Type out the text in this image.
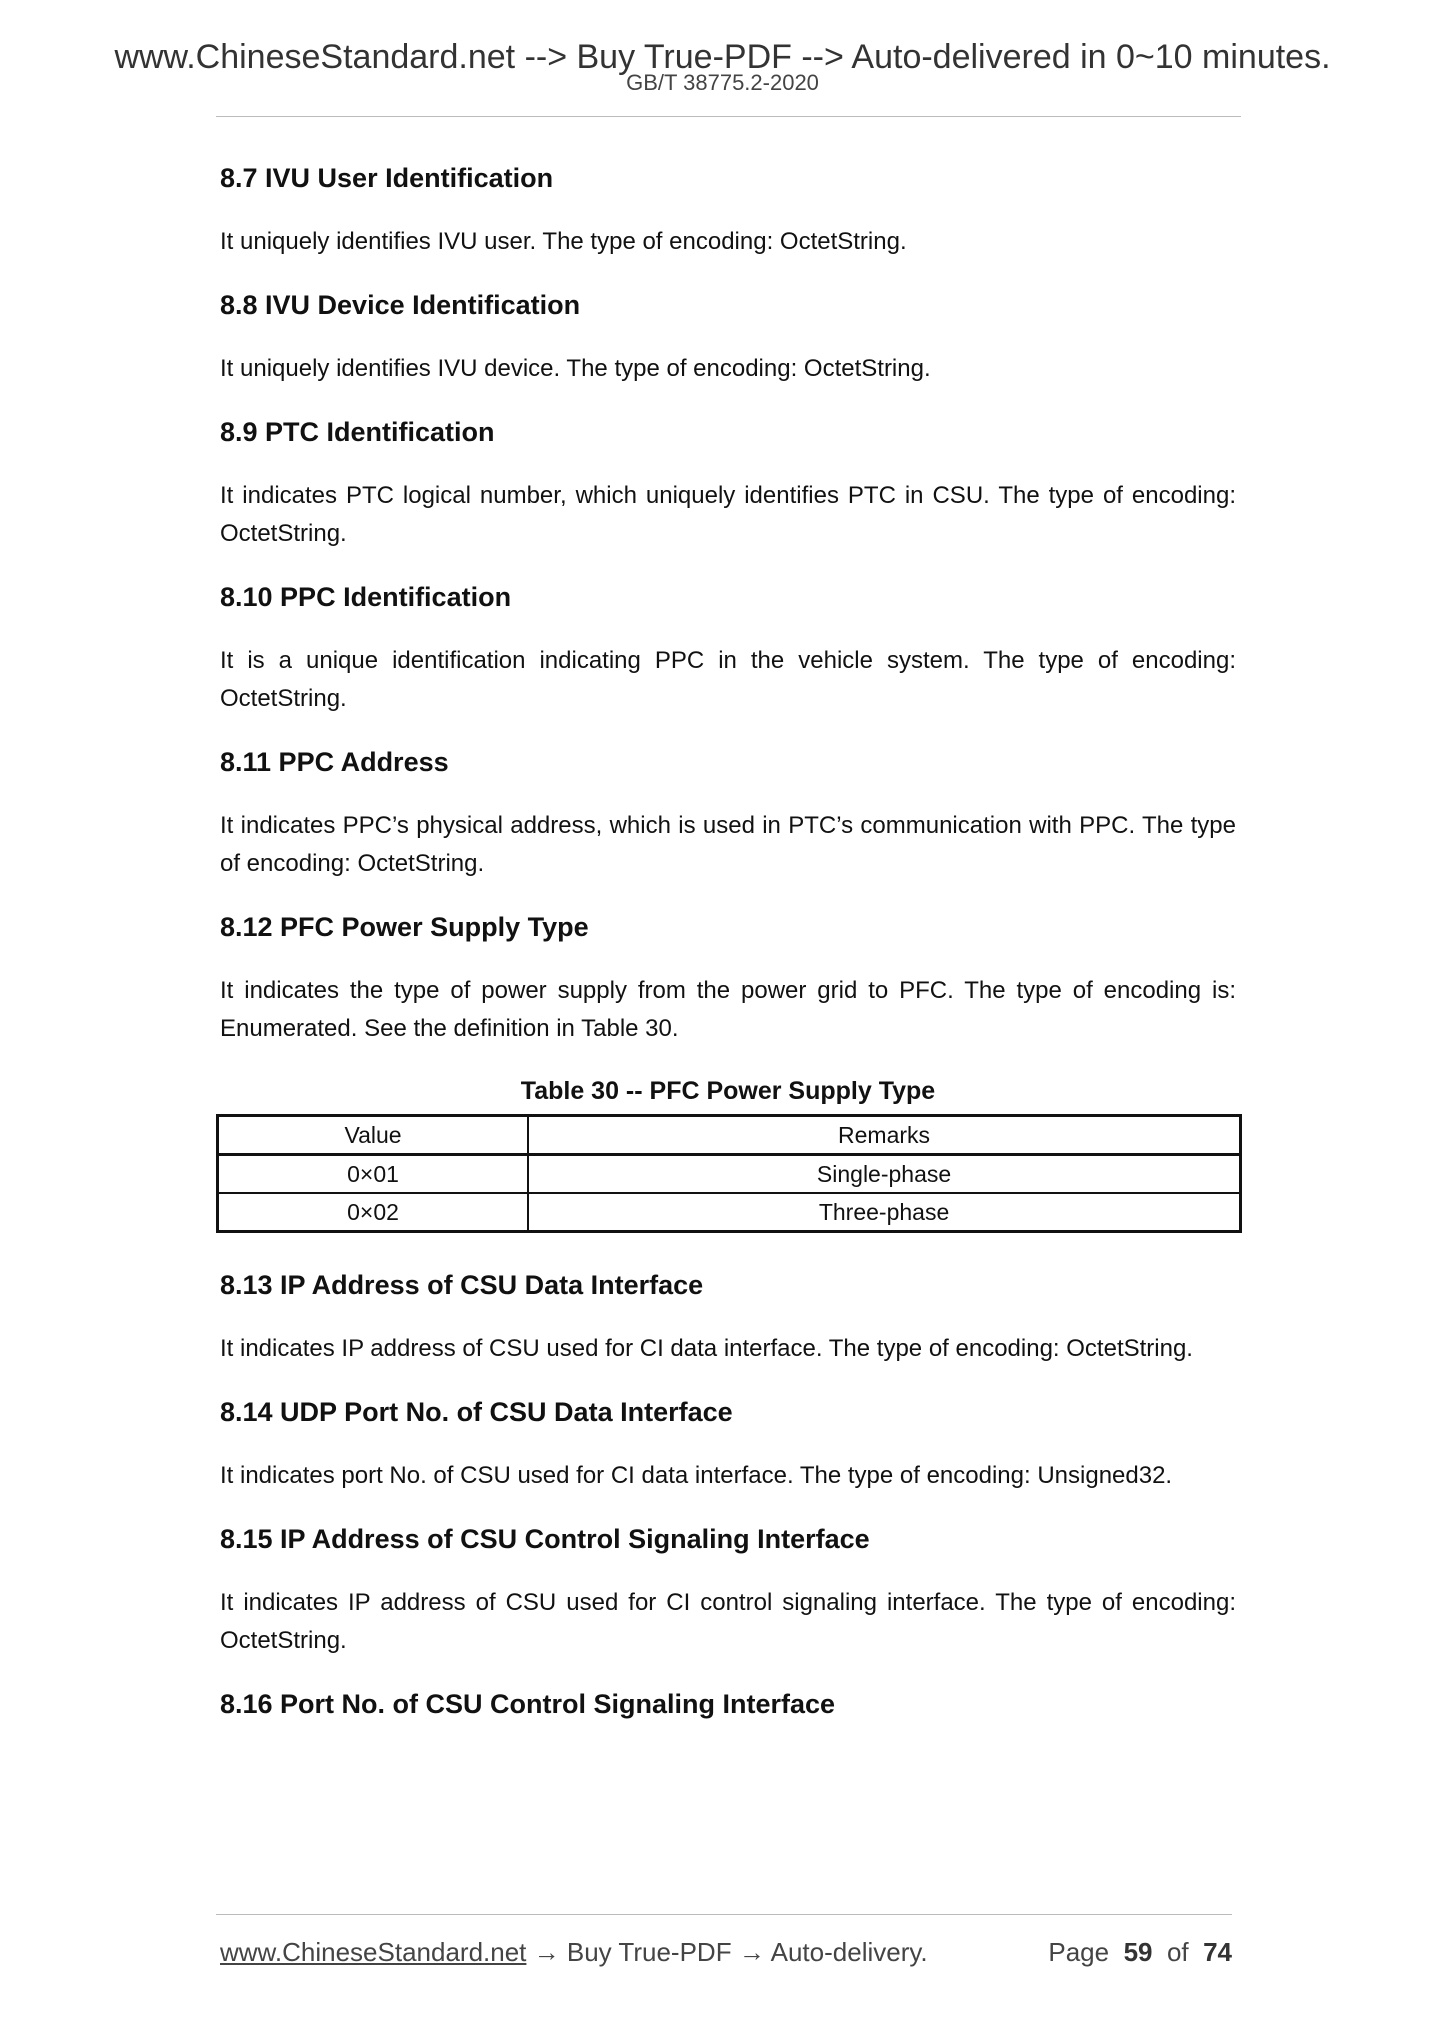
www.ChineseStandard.net --> Buy True-PDF --> Auto-delivered in 0~10 minutes.
GB/T 38775.2-2020
8.7 IVU User Identification
It uniquely identifies IVU user. The type of encoding: OctetString.
8.8 IVU Device Identification
It uniquely identifies IVU device. The type of encoding: OctetString.
8.9 PTC Identification
It indicates PTC logical number, which uniquely identifies PTC in CSU. The type of encoding: OctetString.
8.10 PPC Identification
It is a unique identification indicating PPC in the vehicle system. The type of encoding: OctetString.
8.11 PPC Address
It indicates PPC’s physical address, which is used in PTC’s communication with PPC. The type of encoding: OctetString.
8.12 PFC Power Supply Type
It indicates the type of power supply from the power grid to PFC. The type of encoding is: Enumerated. See the definition in Table 30.
Table 30 -- PFC Power Supply Type
Value	Remarks
0×01	Single-phase
0×02	Three-phase
8.13 IP Address of CSU Data Interface
It indicates IP address of CSU used for CI data interface. The type of encoding: OctetString.
8.14 UDP Port No. of CSU Data Interface
It indicates port No. of CSU used for CI data interface. The type of encoding: Unsigned32.
8.15 IP Address of CSU Control Signaling Interface
It indicates IP address of CSU used for CI control signaling interface. The type of encoding: OctetString.
8.16 Port No. of CSU Control Signaling Interface
www.ChineseStandard.net → Buy True-PDF → Auto-delivery.	Page 59 of 74
